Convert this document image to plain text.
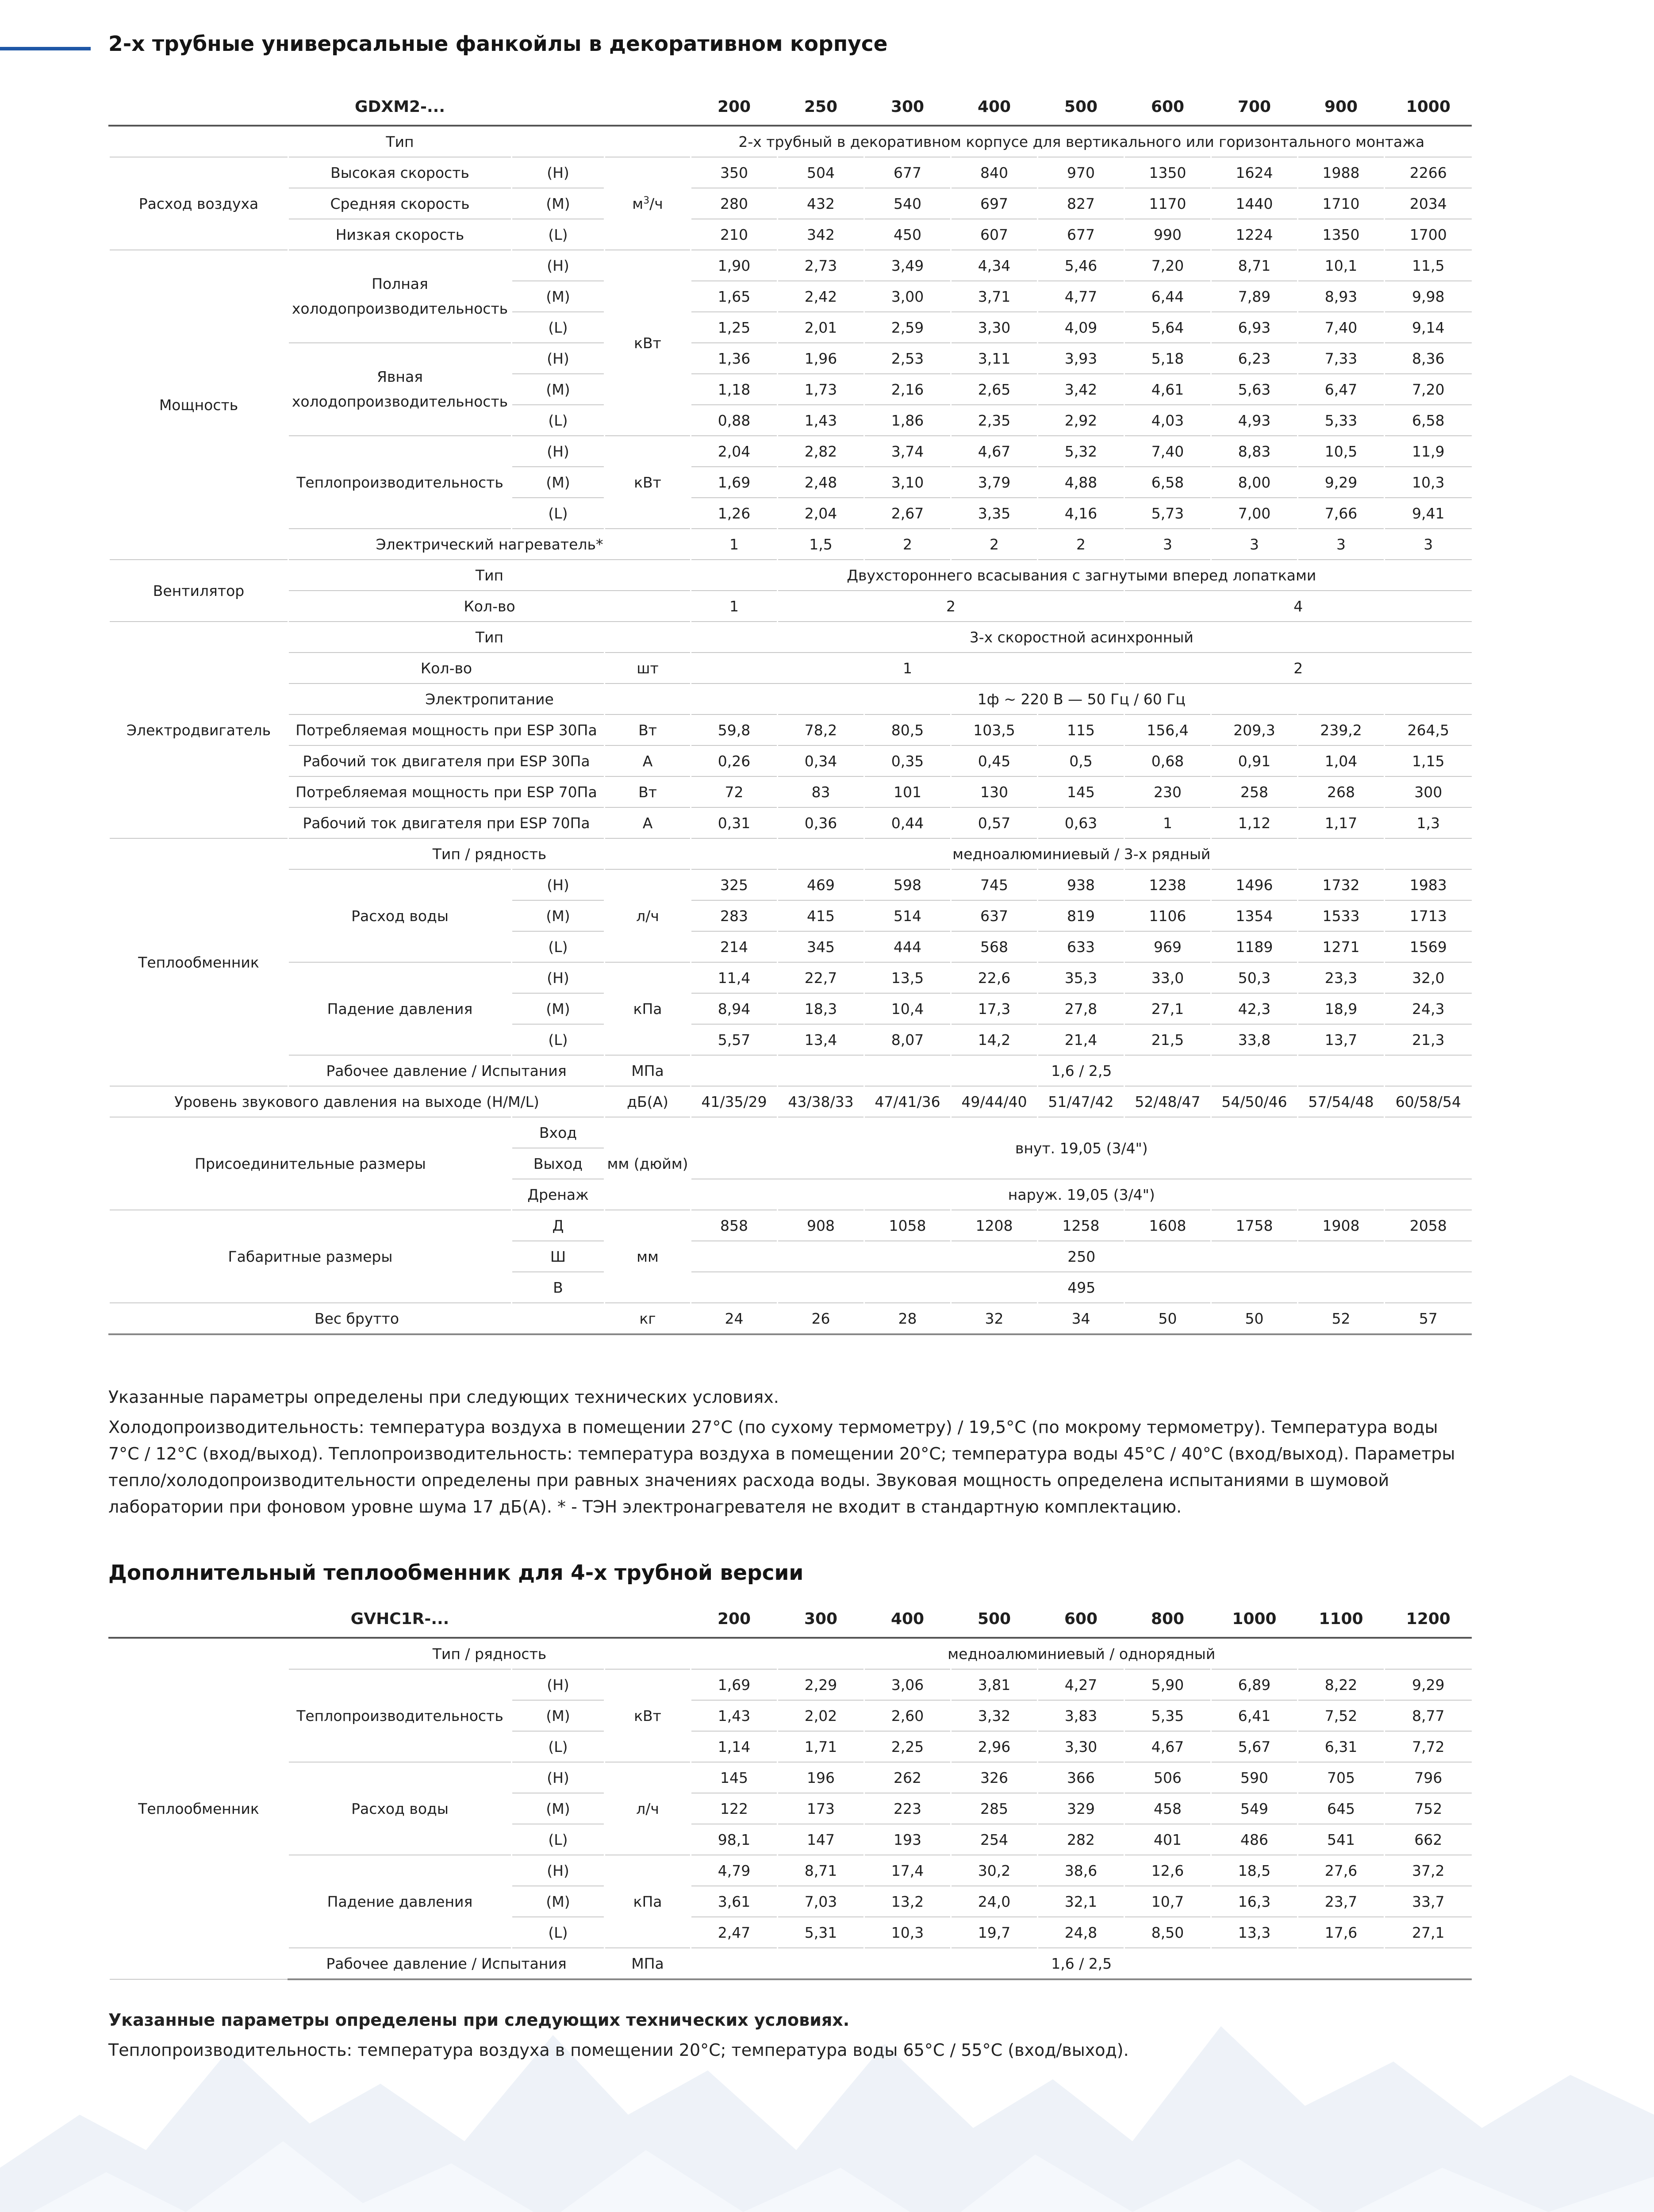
2-х трубные универсальные фанкойлы в декоративном корпусе
GDXM2-...				200	250	300	400	500	600	700	900	1000
Тип				2-х трубный в декоративном корпусе для вертикального или горизонтального монтажа								
Расход воздуха	Высокая скорость	(H)	$м^3/ч$	350	504	677	840	970	1350	1624	1988	2266
	Средняя скорость	(M)		280	432	540	697	827	1170	1440	1710	2034
	Низкая скорость	(L)		210	342	450	607	677	990	1224	1350	1700
Мощность	Полная холодопроизводительность	(H)	кВт	1,90	2,73	3,49	4,34	5,46	7,20	8,71	10,1	11,5
		(M)		1,65	2,42	3,00	3,71	4,77	6,44	7,89	8,93	9,98
		(L)		1,25	2,01	2,59	3,30	4,09	5,64	6,93	7,40	9,14
	Явная холодопроизводительность	(H)		1,36	1,96	2,53	3,11	3,93	5,18	6,23	7,33	8,36
		(M)		1,18	1,73	2,16	2,65	3,42	4,61	5,63	6,47	7,20
		(L)		0,88	1,43	1,86	2,35	2,92	4,03	4,93	5,33	6,58
	Теплопроизводительность	(H)	кВт	2,04	2,82	3,74	4,67	5,32	7,40	8,83	10,5	11,9
		(M)		1,69	2,48	3,10	3,79	4,88	6,58	8,00	9,29	10,3
		(L)		1,26	2,04	2,67	3,35	4,16	5,73	7,00	7,66	9,41
	Электрический нагреватель*			1	1,5	2	2	2	3	3	3	3
Вентилятор	Тип			Двухстороннего всасывания с загнутыми вперед лопатками								
	Кол-во			1	2				4			
Электродвигатель	Тип			3-х скоростной асинхронный								
	Кол-во		шт	1					2			
	Электропитание			1ф ~ 220 В — 50 Гц / 60 Гц								
	Потребляемая мощность при ESP 30Па		Вт	59,8	78,2	80,5	103,5	115	156,4	209,3	239,2	264,5
	Рабочий ток двигателя при ESP 30Па		А	0,26	0,34	0,35	0,45	0,5	0,68	0,91	1,04	1,15
	Потребляемая мощность при ESP 70Па		Вт	72	83	101	130	145	230	258	268	300
	Рабочий ток двигателя при ESP 70Па		А	0,31	0,36	0,44	0,57	0,63	1	1,12	1,17	1,3
Теплообменник	Тип / рядность			медноалюминиевый / 3-х рядный								
	Расход воды	(H)	л/ч	325	469	598	745	938	1238	1496	1732	1983
		(M)		283	415	514	637	819	1106	1354	1533	1713
		(L)		214	345	444	568	633	969	1189	1271	1569
	Падение давления	(H)	кПа	11,4	22,7	13,5	22,6	35,3	33,0	50,3	23,3	32,0
		(M)		8,94	18,3	10,4	17,3	27,8	27,1	42,3	18,9	24,3
		(L)		5,57	13,4	8,07	14,2	21,4	21,5	33,8	13,7	21,3
	Рабочее давление / Испытания		МПа	1,6 / 2,5								
Уровень звукового давления на выходе (H/M/L)			дБ(А)	41/35/29	43/38/33	47/41/36	49/44/40	51/47/42	52/48/47	54/50/46	57/54/48	60/58/54
Присоединительные размеры		Вход	мм (дюйм)	внут. 19,05 (3/4")								
		Выход										
		Дренаж		наруж. 19,05 (3/4")								
Габаритные размеры		Д	мм	858	908	1058	1208	1258	1608	1758	1908	2058
		Ш		250								
		В		495								
Вес брутто			кг	24	26	28	32	34	50	50	52	57

Указанные параметры определены при следующих технических условиях.

Холодопроизводительность: температура воздуха в помещении 27°C (по сухому термометру) / 19,5°C (по мокрому термометру). Температура воды 7°C / 12°C (вход/выход). Теплопроизводительность: температура воздуха в помещении 20°C; температура воды 45°C / 40°C (вход/выход). Параметры тепло/холодопроизводительности определены при равных значениях расхода воды. Звуковая мощность определена испытаниями в шумовой лаборатории при фоновом уровне шума 17 дБ(A). * - ТЭН электронагревателя не входит в стандартную комплектацию.

Дополнительный теплообменник для 4-х трубной версии
GVHC1R-...				200	300	400	500	600	800	1000	1100	1200
Теплообменник	Тип / рядность			медноалюминиевый / однорядный								
	Теплопроизводительность	(H)	кВт	1,69	2,29	3,06	3,81	4,27	5,90	6,89	8,22	9,29
		(M)		1,43	2,02	2,60	3,32	3,83	5,35	6,41	7,52	8,77
		(L)		1,14	1,71	2,25	2,96	3,30	4,67	5,67	6,31	7,72
	Расход воды	(H)	л/ч	145	196	262	326	366	506	590	705	796
		(M)		122	173	223	285	329	458	549	645	752
		(L)		98,1	147	193	254	282	401	486	541	662
	Падение давления	(H)	кПа	4,79	8,71	17,4	30,2	38,6	12,6	18,5	27,6	37,2
		(M)		3,61	7,03	13,2	24,0	32,1	10,7	16,3	23,7	33,7
		(L)		2,47	5,31	10,3	19,7	24,8	8,50	13,3	17,6	27,1
	Рабочее давление / Испытания		МПа	1,6 / 2,5								

Указанные параметры определены при следующих технических условиях.

Теплопроизводительность: температура воздуха в помещении 20°C; температура воды 65°C / 55°C (вход/выход).
